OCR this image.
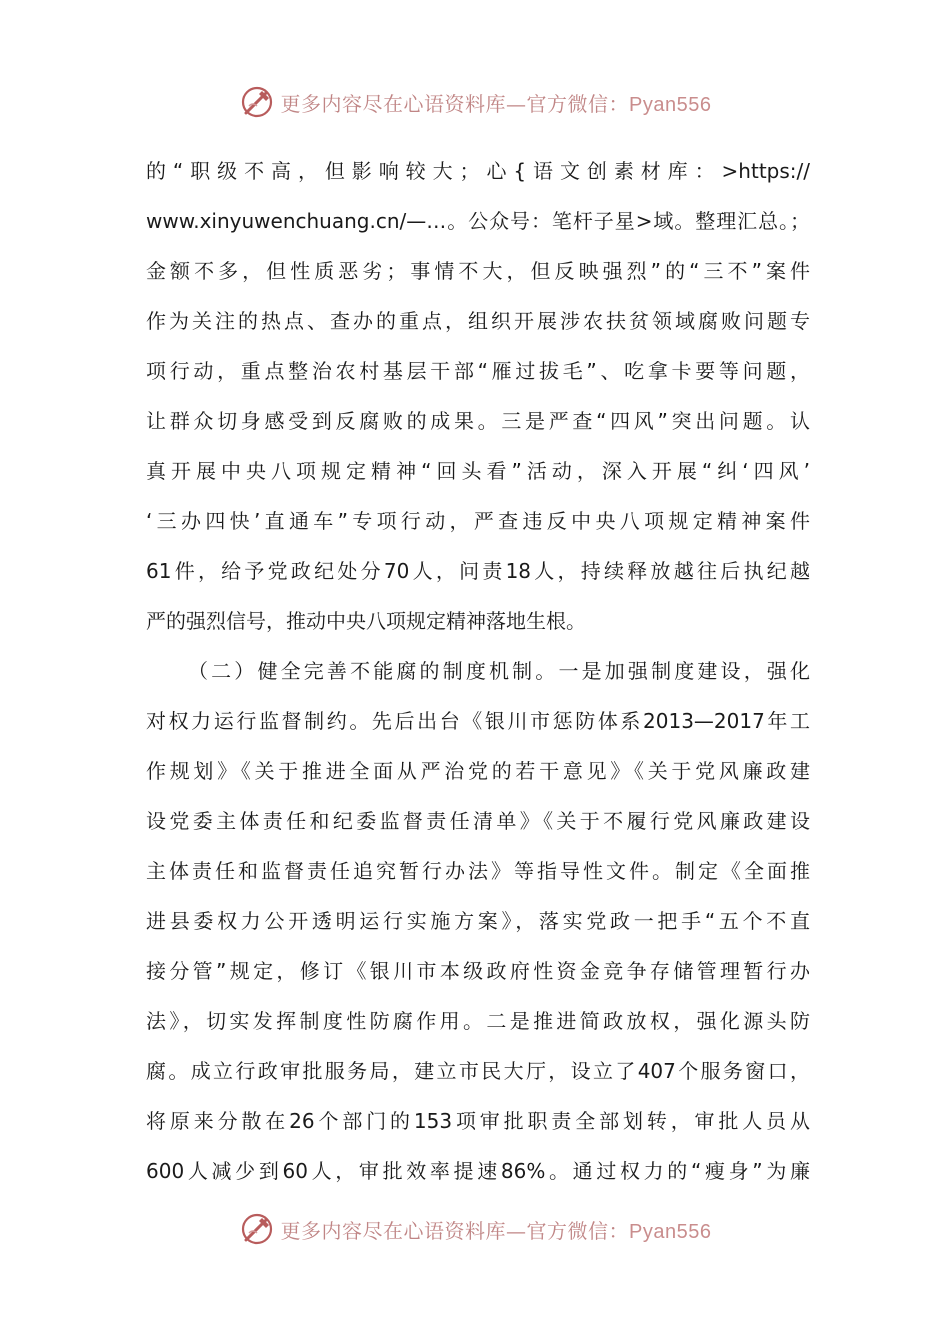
更多内容尽在心语资料库—官方微信：Pyan556
的“职级不高，但影响较大；心{语文创素材库：>https://
www.xinyuwenchuang.cn/—…。公众号：笔杆子星>域。整理汇总。；
金额不多，但性质恶劣；事情不大，但反映强烈”的“三不”案件
作为关注的热点、查办的重点，组织开展涉农扶贫领域腐败问题专
项行动，重点整治农村基层干部“雁过拔毛”、吃拿卡要等问题，
让群众切身感受到反腐败的成果。三是严查“四风”突出问题。认
真开展中央八项规定精神“回头看”活动，深入开展“纠‘四风’
‘三办四快’直通车”专项行动，严查违反中央八项规定精神案件
61件，给予党政纪处分70人，问责18人，持续释放越往后执纪越
严的强烈信号，推动中央八项规定精神落地生根。
（二）健全完善不能腐的制度机制。一是加强制度建设，强化
对权力运行监督制约。先后出台《银川市惩防体系2013—2017年工
作规划》《关于推进全面从严治党的若干意见》《关于党风廉政建
设党委主体责任和纪委监督责任清单》《关于不履行党风廉政建设
主体责任和监督责任追究暂行办法》等指导性文件。制定《全面推
进县委权力公开透明运行实施方案》，落实党政一把手“五个不直
接分管”规定，修订《银川市本级政府性资金竞争存储管理暂行办
法》，切实发挥制度性防腐作用。二是推进简政放权，强化源头防
腐。成立行政审批服务局，建立市民大厅，设立了407个服务窗口，
将原来分散在26个部门的153项审批职责全部划转，审批人员从
600人减少到60人，审批效率提速86%。通过权力的“瘦身”为廉
更多内容尽在心语资料库—官方微信：Pyan556
